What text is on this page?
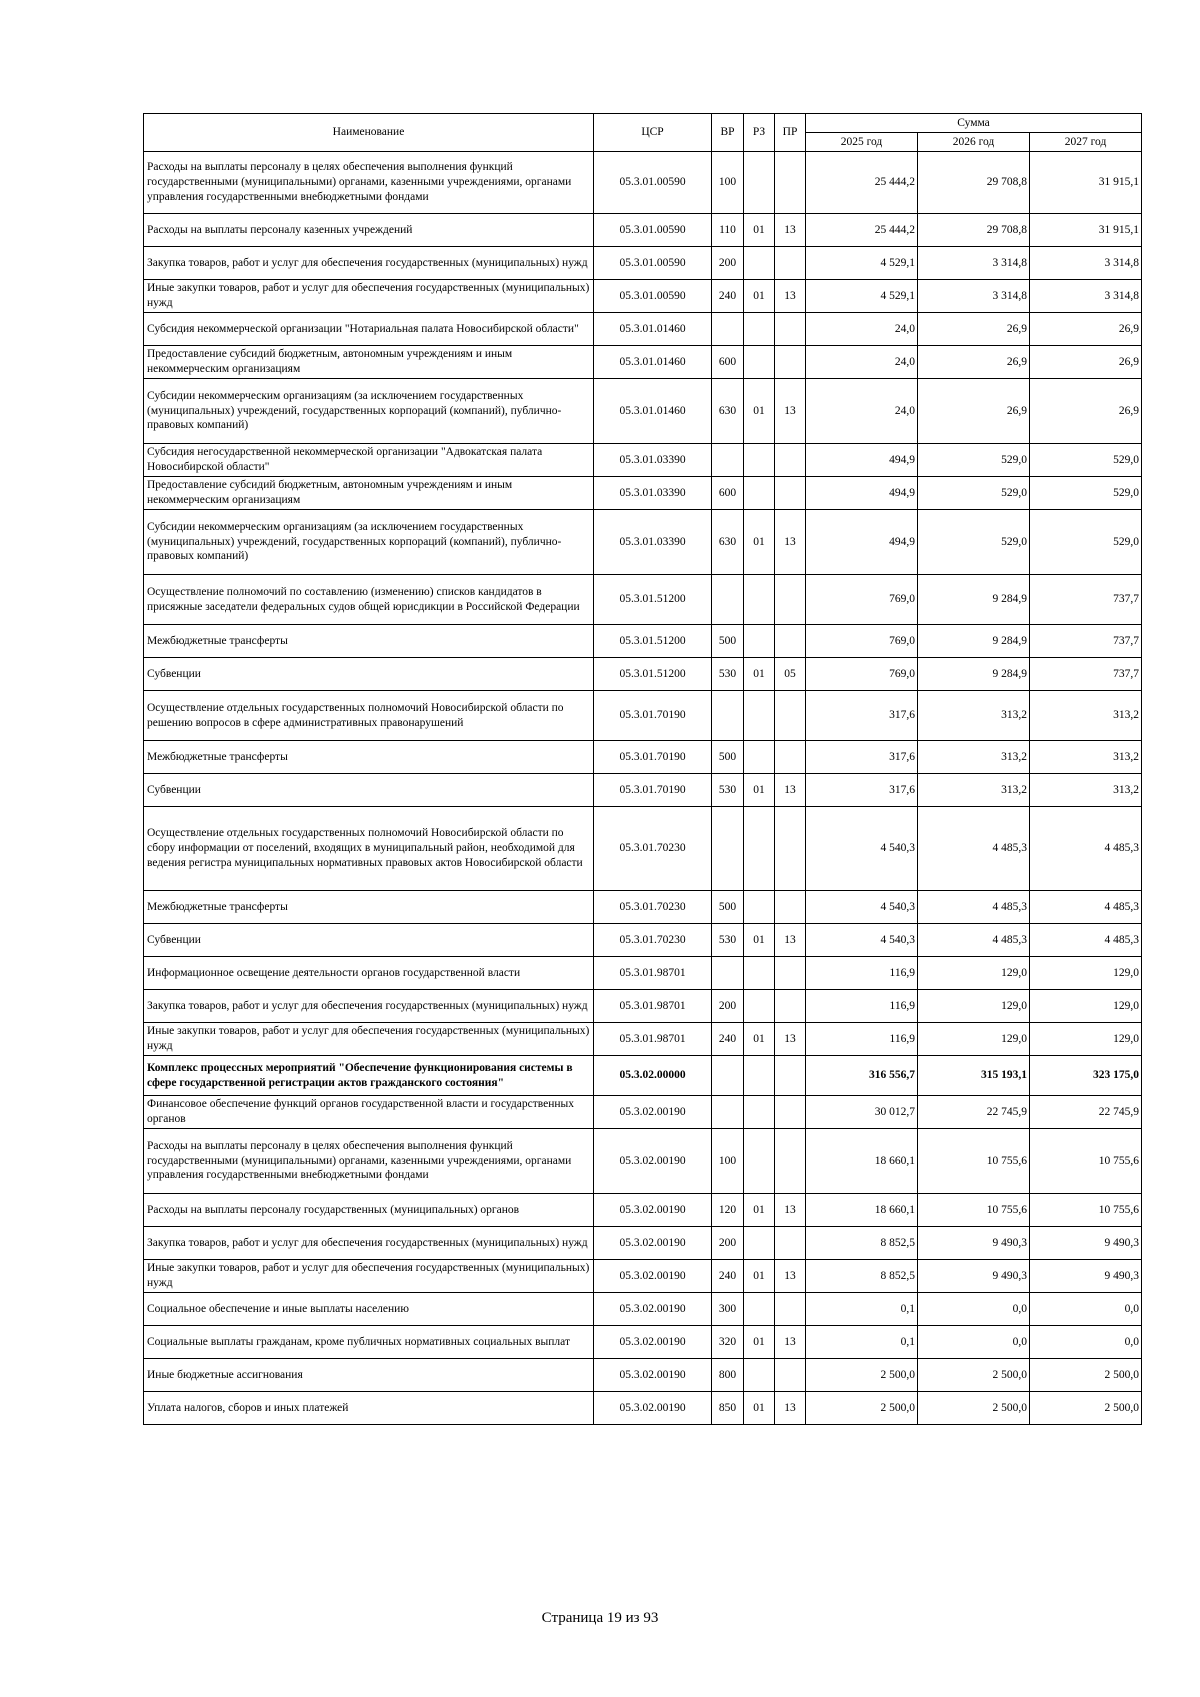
Наименование	ЦСР	ВР	РЗ	ПР	Сумма		
					2025 год	2026 год	2027 год
Расходы на выплаты персоналу в целях обеспечения выполнения функций государственными (муниципальными) органами, казенными учреждениями, органами управления государственными внебюджетными фондами	05.3.01.00590	100			25 444,2	29 708,8	31 915,1
Расходы на выплаты персоналу казенных учреждений	05.3.01.00590	110	01	13	25 444,2	29 708,8	31 915,1
Закупка товаров, работ и услуг для обеспечения государственных (муниципальных) нужд	05.3.01.00590	200			4 529,1	3 314,8	3 314,8
Иные закупки товаров, работ и услуг для обеспечения государственных (муниципальных) нужд	05.3.01.00590	240	01	13	4 529,1	3 314,8	3 314,8
Субсидия некоммерческой организации "Нотариальная палата Новосибирской области"	05.3.01.01460				24,0	26,9	26,9
Предоставление субсидий бюджетным, автономным учреждениям и иным некоммерческим организациям	05.3.01.01460	600			24,0	26,9	26,9
Субсидии некоммерческим организациям (за исключением государственных (муниципальных) учреждений, государственных корпораций (компаний), публично-правовых компаний)	05.3.01.01460	630	01	13	24,0	26,9	26,9
Субсидия негосударственной некоммерческой организации "Адвокатская палата Новосибирской области"	05.3.01.03390				494,9	529,0	529,0
Предоставление субсидий бюджетным, автономным учреждениям и иным некоммерческим организациям	05.3.01.03390	600			494,9	529,0	529,0
Субсидии некоммерческим организациям (за исключением государственных (муниципальных) учреждений, государственных корпораций (компаний), публично-правовых компаний)	05.3.01.03390	630	01	13	494,9	529,0	529,0
Осуществление полномочий по составлению (изменению) списков кандидатов в присяжные заседатели федеральных судов общей юрисдикции в Российской Федерации	05.3.01.51200				769,0	9 284,9	737,7
Межбюджетные трансферты	05.3.01.51200	500			769,0	9 284,9	737,7
Субвенции	05.3.01.51200	530	01	05	769,0	9 284,9	737,7
Осуществление отдельных государственных полномочий Новосибирской области по решению вопросов в сфере административных правонарушений	05.3.01.70190				317,6	313,2	313,2
Межбюджетные трансферты	05.3.01.70190	500			317,6	313,2	313,2
Субвенции	05.3.01.70190	530	01	13	317,6	313,2	313,2
Осуществление отдельных государственных полномочий Новосибирской области по сбору информации от поселений, входящих в муниципальный район, необходимой для ведения регистра муниципальных нормативных правовых актов Новосибирской области	05.3.01.70230				4 540,3	4 485,3	4 485,3
Межбюджетные трансферты	05.3.01.70230	500			4 540,3	4 485,3	4 485,3
Субвенции	05.3.01.70230	530	01	13	4 540,3	4 485,3	4 485,3
Информационное освещение деятельности органов государственной власти	05.3.01.98701				116,9	129,0	129,0
Закупка товаров, работ и услуг для обеспечения государственных (муниципальных) нужд	05.3.01.98701	200			116,9	129,0	129,0
Иные закупки товаров, работ и услуг для обеспечения государственных (муниципальных) нужд	05.3.01.98701	240	01	13	116,9	129,0	129,0
Комплекс процессных мероприятий "Обеспечение функционирования системы в сфере государственной регистрации актов гражданского состояния"	05.3.02.00000				316 556,7	315 193,1	323 175,0
Финансовое обеспечение функций органов государственной власти и государственных органов	05.3.02.00190				30 012,7	22 745,9	22 745,9
Расходы на выплаты персоналу в целях обеспечения выполнения функций государственными (муниципальными) органами, казенными учреждениями, органами управления государственными внебюджетными фондами	05.3.02.00190	100			18 660,1	10 755,6	10 755,6
Расходы на выплаты персоналу государственных (муниципальных) органов	05.3.02.00190	120	01	13	18 660,1	10 755,6	10 755,6
Закупка товаров, работ и услуг для обеспечения государственных (муниципальных) нужд	05.3.02.00190	200			8 852,5	9 490,3	9 490,3
Иные закупки товаров, работ и услуг для обеспечения государственных (муниципальных) нужд	05.3.02.00190	240	01	13	8 852,5	9 490,3	9 490,3
Социальное обеспечение и иные выплаты населению	05.3.02.00190	300			0,1	0,0	0,0
Социальные выплаты гражданам, кроме публичных нормативных социальных выплат	05.3.02.00190	320	01	13	0,1	0,0	0,0
Иные бюджетные ассигнования	05.3.02.00190	800			2 500,0	2 500,0	2 500,0
Уплата налогов, сборов и иных платежей	05.3.02.00190	850	01	13	2 500,0	2 500,0	2 500,0
Страница 19 из 93
